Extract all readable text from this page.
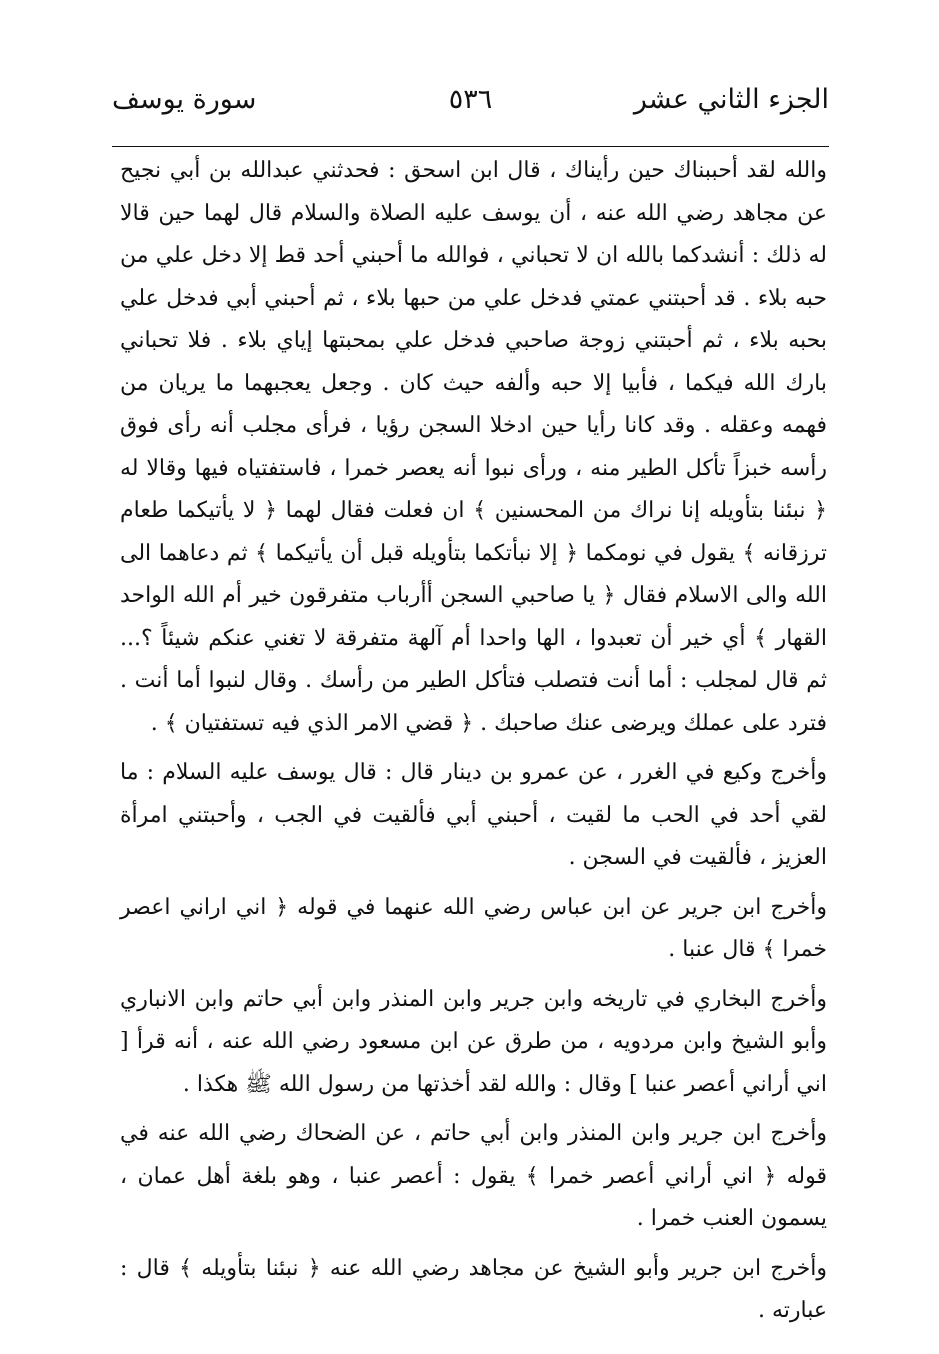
الجزء الثاني عشر
٥٣٦
سورة يوسف

والله لقد أحببناك حين رأيناك ، قال ابن اسحق : فحدثني عبدالله بن أبي نجيح عن مجاهد رضي الله عنه ، أن يوسف عليه الصلاة والسلام قال لهما حين قالا له ذلك : أنشدكما بالله ان لا تحباني ، فوالله ما أحبني أحد قط إلا دخل علي من حبه بلاء . قد أحبتني عمتي فدخل علي من حبها بلاء ، ثم أحبني أبي فدخل علي بحبه بلاء ، ثم أحبتني زوجة صاحبي فدخل علي بمحبتها إياي بلاء . فلا تحباني بارك الله فيكما ، فأبيا إلا حبه وألفه حيث كان . وجعل يعجبهما ما يريان من فهمه وعقله . وقد كانا رأيا حين ادخلا السجن رؤيا ، فرأى مجلب أنه رأى فوق رأسه خبزاً تأكل الطير منه ، ورأى نبوا أنه يعصر خمرا ، فاستفتياه فيها وقالا له ﴿ نبئنا بتأويله إنا نراك من المحسنين ﴾ ان فعلت فقال لهما ﴿ لا يأتيكما طعام ترزقانه ﴾ يقول في نومكما ﴿ إلا نبأتكما بتأويله قبل أن يأتيكما ﴾ ثم دعاهما الى الله والى الاسلام فقال ﴿ يا صاحبي السجن أأرباب متفرقون خير أم الله الواحد القهار ﴾ أي خير أن تعبدوا ، الها واحدا أم آلهة متفرقة لا تغني عنكم شيئاً ؟... ثم قال لمجلب : أما أنت فتصلب فتأكل الطير من رأسك . وقال لنبوا أما أنت . فترد على عملك ويرضى عنك صاحبك . ﴿ قضي الامر الذي فيه تستفتيان ﴾ .

وأخرج وكيع في الغرر ، عن عمرو بن دينار قال : قال يوسف عليه السلام : ما لقي أحد في الحب ما لقيت ، أحبني أبي فألقيت في الجب ، وأحبتني امرأة العزيز ، فألقيت في السجن .

وأخرج ابن جرير عن ابن عباس رضي الله عنهما في قوله ﴿ اني اراني اعصر خمرا ﴾ قال عنبا .

وأخرج البخاري في تاريخه وابن جرير وابن المنذر وابن أبي حاتم وابن الانباري وأبو الشيخ وابن مردويه ، من طرق عن ابن مسعود رضي الله عنه ، أنه قرأ [ اني أراني أعصر عنبا ] وقال : والله لقد أخذتها من رسول الله ﷺ هكذا .

وأخرج ابن جرير وابن المنذر وابن أبي حاتم ، عن الضحاك رضي الله عنه في قوله ﴿ اني أراني أعصر خمرا ﴾ يقول : أعصر عنبا ، وهو بلغة أهل عمان ، يسمون العنب خمرا .

وأخرج ابن جرير وأبو الشيخ عن مجاهد رضي الله عنه ﴿ نبئنا بتأويله ﴾ قال : عبارته .
